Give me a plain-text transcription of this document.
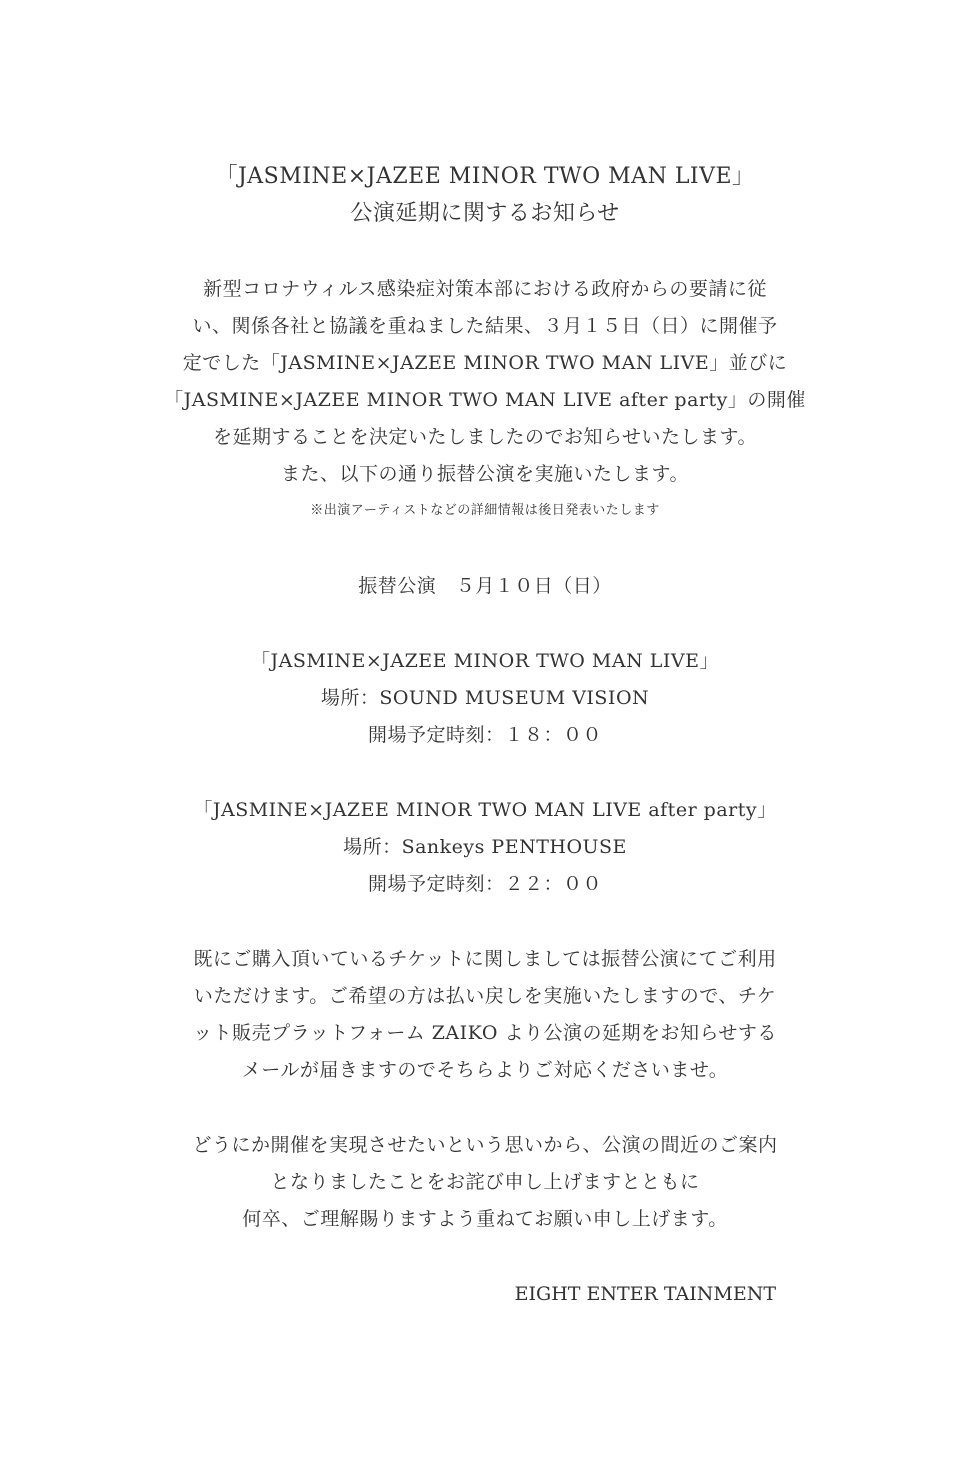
「JASMINE×JAZEE MINOR TWO MAN LIVE」
公演延期に関するお知らせ
新型コロナウィルス感染症対策本部における政府からの要請に従
い、関係各社と協議を重ねました結果、３月１５日（日）に開催予
定でした「JASMINE×JAZEE MINOR TWO MAN LIVE」並びに
「JASMINE×JAZEE MINOR TWO MAN LIVE after party」の開催
を延期することを決定いたしましたのでお知らせいたします。
また、以下の通り振替公演を実施いたします。
※出演アーティストなどの詳細情報は後日発表いたします
振替公演　５月１０日（日）
「JASMINE×JAZEE MINOR TWO MAN LIVE」
場所：SOUND MUSEUM VISION
開場予定時刻：１８：００
「JASMINE×JAZEE MINOR TWO MAN LIVE after party」
場所：Sankeys PENTHOUSE
開場予定時刻：２２：００
既にご購入頂いているチケットに関しましては振替公演にてご利用
いただけます。ご希望の方は払い戻しを実施いたしますので、チケ
ット販売プラットフォーム ZAIKO より公演の延期をお知らせする
メールが届きますのでそちらよりご対応くださいませ。
どうにか開催を実現させたいという思いから、公演の間近のご案内
となりましたことをお詫び申し上げますとともに
何卒、ご理解賜りますよう重ねてお願い申し上げます。
EIGHT ENTER TAINMENT
